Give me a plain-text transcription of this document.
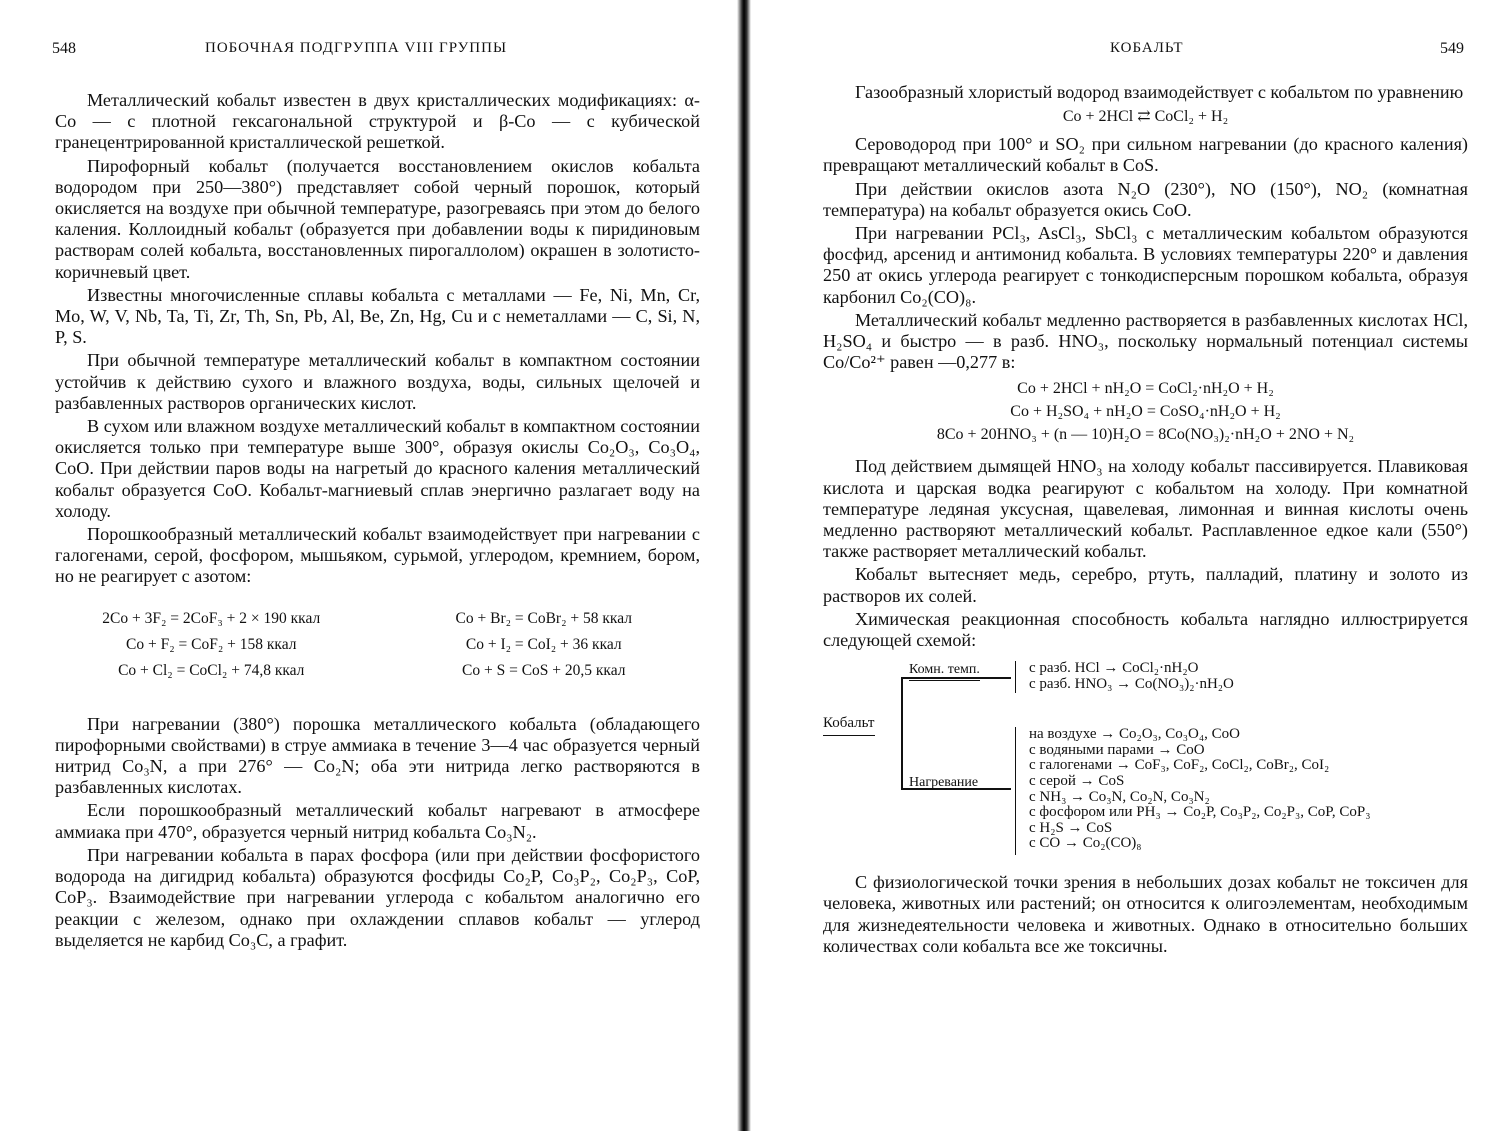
548	ПОБОЧНАЯ ПОДГРУППА VIII ГРУППЫ

Металлический кобальт известен в двух кристаллических модификациях: α-Co — с плотной гексагональной структурой и β-Co — с кубической гранецентрированной кристаллической решеткой.

Пирофорный кобальт (получается восстановлением окислов кобальта водородом при 250—380°) представляет собой черный порошок, который окисляется на воздухе при обычной температуре, разогреваясь при этом до белого каления. Коллоидный кобальт (образуется при добавлении воды к пиридиновым растворам солей кобальта, восстановленных пирогаллолом) окрашен в золотисто-коричневый цвет.

Известны многочисленные сплавы кобальта с металлами — Fe, Ni, Mn, Cr, Mo, W, V, Nb, Ta, Ti, Zr, Th, Sn, Pb, Al, Be, Zn, Hg, Cu и с неметаллами — C, Si, N, P, S.

При обычной температуре металлический кобальт в компактном состоянии устойчив к действию сухого и влажного воздуха, воды, сильных щелочей и разбавленных растворов органических кислот.

В сухом или влажном воздухе металлический кобальт в компактном состоянии окисляется только при температуре выше 300°, образуя окислы Co₂O₃, Co₃O₄, CoO. При действии паров воды на нагретый до красного каления металлический кобальт образуется CoO. Кобальт-магниевый сплав энергично разлагает воду на холоду.

Порошкообразный металлический кобальт взаимодействует при нагревании с галогенами, серой, фосфором, мышьяком, сурьмой, углеродом, кремнием, бором, но не реагирует с азотом:

2Co + 3F₂ = 2CoF₃ + 2 × 190 ккал	Co + Br₂ = CoBr₂ + 58 ккал
Co + F₂ = CoF₂ + 158 ккал	Co + I₂ = CoI₂ + 36 ккал
Co + Cl₂ = CoCl₂ + 74,8 ккал	Co + S = CoS + 20,5 ккал

При нагревании (380°) порошка металлического кобальта (обладающего пирофорными свойствами) в струе аммиака в течение 3—4 час образуется черный нитрид Co₃N, а при 276° — Co₂N; оба эти нитрида легко растворяются в разбавленных кислотах.

Если порошкообразный металлический кобальт нагревают в атмосфере аммиака при 470°, образуется черный нитрид кобальта Co₃N₂.

При нагревании кобальта в парах фосфора (или при действии фосфористого водорода на дигидрид кобальта) образуются фосфиды Co₂P, Co₃P₂, Co₂P₃, CoP, CoP₃. Взаимодействие при нагревании углерода с кобальтом аналогично его реакции с железом, однако при охлаждении сплавов кобальт — углерод выделяется не карбид Co₃C, а графит.

КОБАЛЬТ	549

Газообразный хлористый водород взаимодействует с кобальтом по уравнению

Co + 2HCl ⇄ CoCl₂ + H₂

Сероводород при 100° и SO₂ при сильном нагревании (до красного каления) превращают металлический кобальт в CoS.

При действии окислов азота N₂O (230°), NO (150°), NO₂ (комнатная температура) на кобальт образуется окись CoO.

При нагревании PCl₃, AsCl₃, SbCl₃ с металлическим кобальтом образуются фосфид, арсенид и антимонид кобальта. В условиях температуры 220° и давления 250 ат окись углерода реагирует с тонкодисперсным порошком кобальта, образуя карбонил Co₂(CO)₈.

Металлический кобальт медленно растворяется в разбавленных кислотах HCl, H₂SO₄ и быстро — в разб. HNO₃, поскольку нормальный потенциал системы Co/Co²⁺ равен —0,277 в:

Co + 2HCl + nH₂O = CoCl₂·nH₂O + H₂
Co + H₂SO₄ + nH₂O = CoSO₄·nH₂O + H₂
8Co + 20HNO₃ + (n — 10)H₂O = 8Co(NO₃)₂·nH₂O + 2NO + N₂

Под действием дымящей HNO₃ на холоду кобальт пассивируется. Плавиковая кислота и царская водка реагируют с кобальтом на холоду. При комнатной температуре ледяная уксусная, щавелевая, лимонная и винная кислоты очень медленно растворяют металлический кобальт. Расплавленное едкое кали (550°) также растворяет металлический кобальт.

Кобальт вытесняет медь, серебро, ртуть, палладий, платину и золото из растворов их солей.

Химическая реакционная способность кобальта наглядно иллюстрируется следующей схемой:

Кобальт
Комн. темп.
Нагревание
с разб. HCl → CoCl₂·nH₂O
с разб. HNO₃ → Co(NO₃)₂·nH₂O
на воздухе → Co₂O₃, Co₃O₄, CoO
с водяными парами → CoO
с галогенами → CoF₃, CoF₂, CoCl₂, CoBr₂, CoI₂
с серой → CoS
с NH₃ → Co₃N, Co₂N, Co₃N₂
с фосфором или PH₃ → Co₂P, Co₃P₂, Co₂P₃, CoP, CoP₃
с H₂S → CoS
с CO → Co₂(CO)₈

С физиологической точки зрения в небольших дозах кобальт не токсичен для человека, животных или растений; он относится к олигоэлементам, необходимым для жизнедеятельности человека и животных. Однако в относительно больших количествах соли кобальта все же токсичны.
